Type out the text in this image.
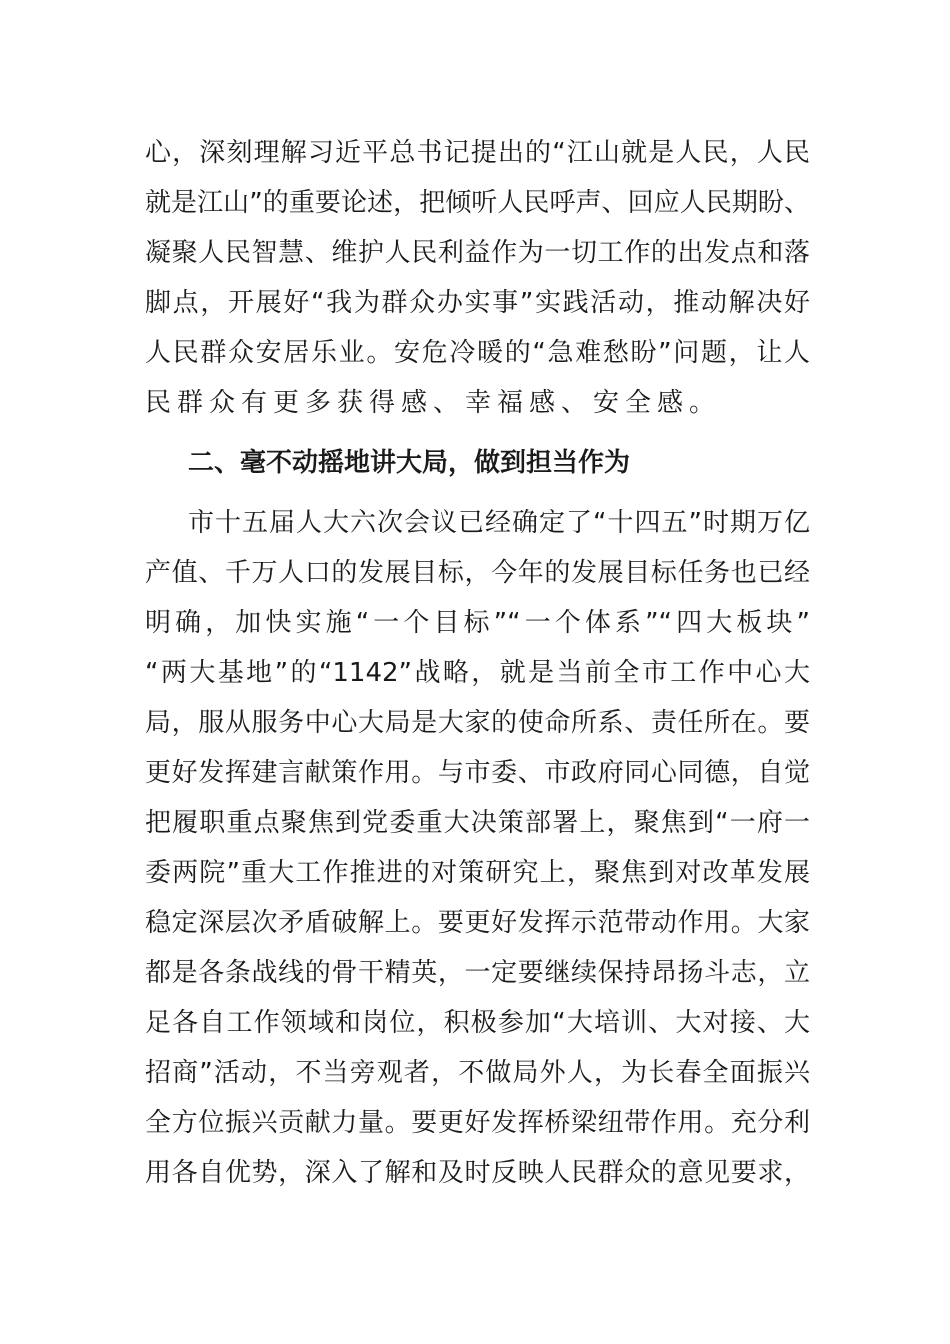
心，深刻理解习近平总书记提出的“江山就是人民，人民
就是江山”的重要论述，把倾听人民呼声、回应人民期盼、
凝聚人民智慧、维护人民利益作为一切工作的出发点和落
脚点，开展好“我为群众办实事”实践活动，推动解决好
人民群众安居乐业。安危冷暖的“急难愁盼”问题，让人
民群众有更多获得感、幸福感、安全感。
二、毫不动摇地讲大局，做到担当作为
市十五届人大六次会议已经确定了“十四五”时期万亿
产值、千万人口的发展目标，今年的发展目标任务也已经
明确，加快实施“一个目标”“一个体系”“四大板块”
“两大基地”的“1142”战略，就是当前全市工作中心大
局，服从服务中心大局是大家的使命所系、责任所在。要
更好发挥建言献策作用。与市委、市政府同心同德，自觉
把履职重点聚焦到党委重大决策部署上，聚焦到“一府一
委两院”重大工作推进的对策研究上，聚焦到对改革发展
稳定深层次矛盾破解上。要更好发挥示范带动作用。大家
都是各条战线的骨干精英，一定要继续保持昂扬斗志，立
足各自工作领域和岗位，积极参加“大培训、大对接、大
招商”活动，不当旁观者，不做局外人，为长春全面振兴
全方位振兴贡献力量。要更好发挥桥梁纽带作用。充分利
用各自优势，深入了解和及时反映人民群众的意见要求，
